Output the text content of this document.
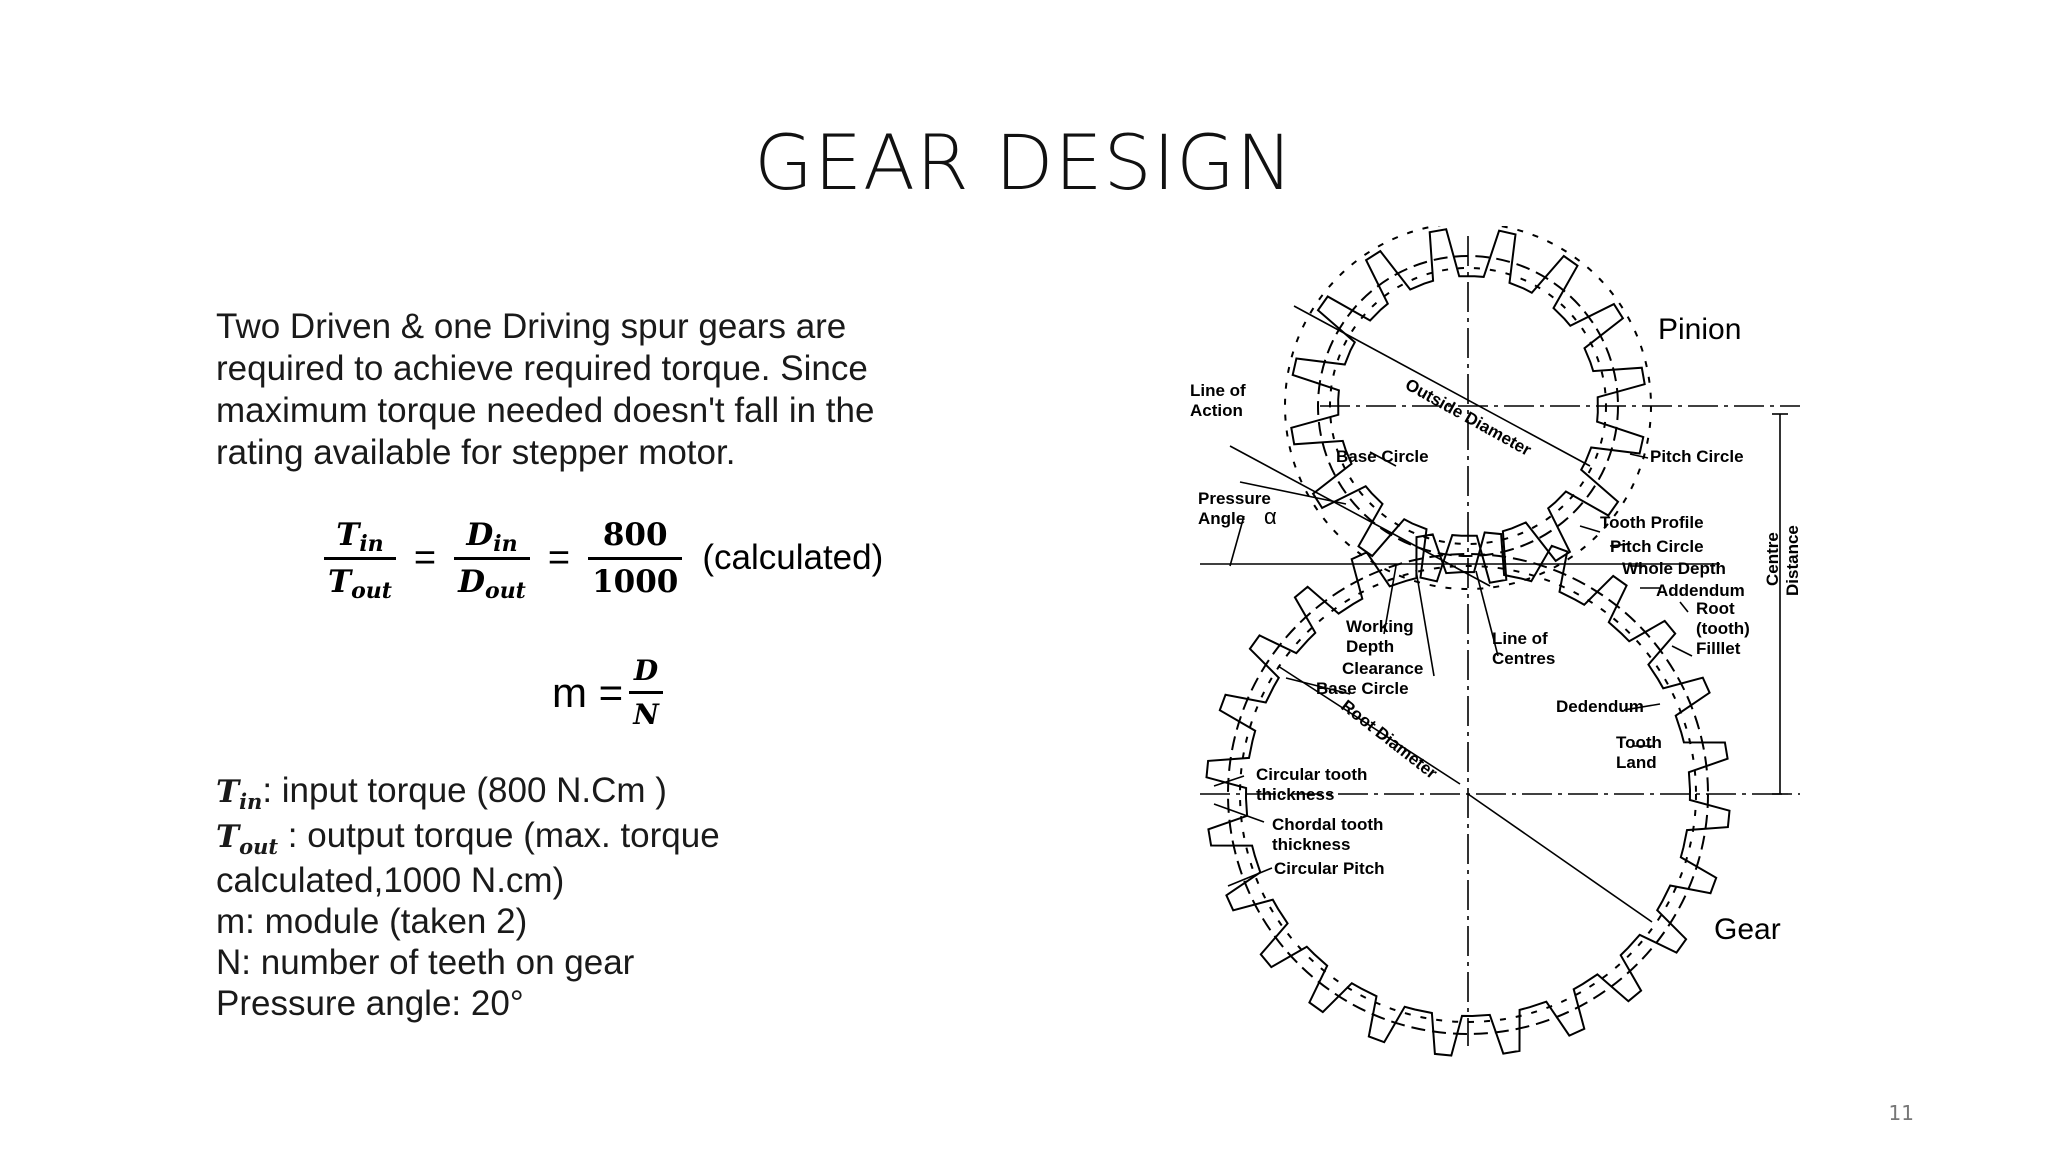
GEAR DESIGN
Two Driven & one Driving spur gears are
required to achieve required torque. Since
maximum torque needed doesn't fall in the
rating available for stepper motor.
$\frac{\text{Tin}}{\text{Tout}} = \frac{\text{Din}}{\text{Dout}} = \frac{800}{1000}$ (calculated)
$m = \frac{D}{N}$
$T_{in}$: input torque (800 N.Cm )
$T_{out}$ : output torque (max. torque
calculated,1000 N.cm)
m: module (taken 2)
N: number of teeth on gear
Pressure angle: 20°
Pinion
Gear
Line of
Action
Pressure
Angle α
Outside Diameter
Base Circle	Pitch Circle
Tooth Profile
Pitch Circle
Whole Depth
Addendum
Root
(tooth)
Filllet
Centre Distance
Working
Depth
Clearance
Base Circle
Line of
Centres
Dedendum
Tooth
Land
Root Diameter
Circular tooth
thickness
Chordal tooth
thickness
Circular Pitch
11
